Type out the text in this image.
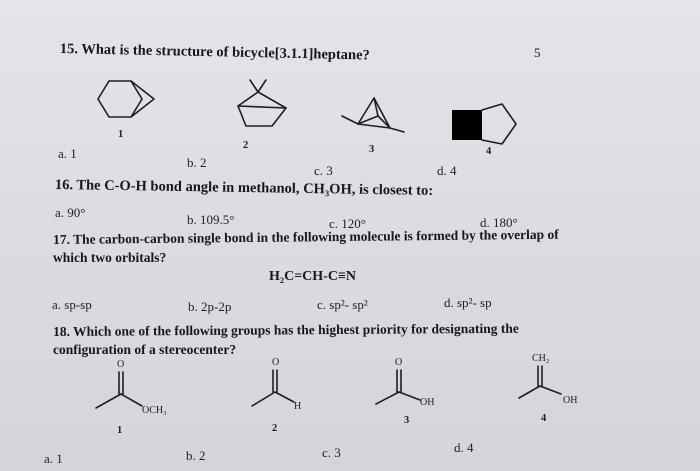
5
15. What is the structure of bicycle[3.1.1]heptane?
1
2	3	4
a. 1
b. 2
c. 3	d. 4
16. The C-O-H bond angle in methanol, CH₃OH, is closest to:
a. 90°	b. 109.5°	c. 120°	d. 180°
17. The carbon-carbon single bond in the following molecule is formed by the overlap of
which two orbitals?
H₂C=CH-C≡N
a. sp-sp	b. 2p-2p	c. sp²- sp²	d. sp²- sp
18. Which one of the following groups has the highest priority for designating the
configuration of a stereocenter?
O
OCH₃
O
H
O
OH
CH₂
OH
1	2
3	4
a. 1	b. 2	c. 3	d. 4
